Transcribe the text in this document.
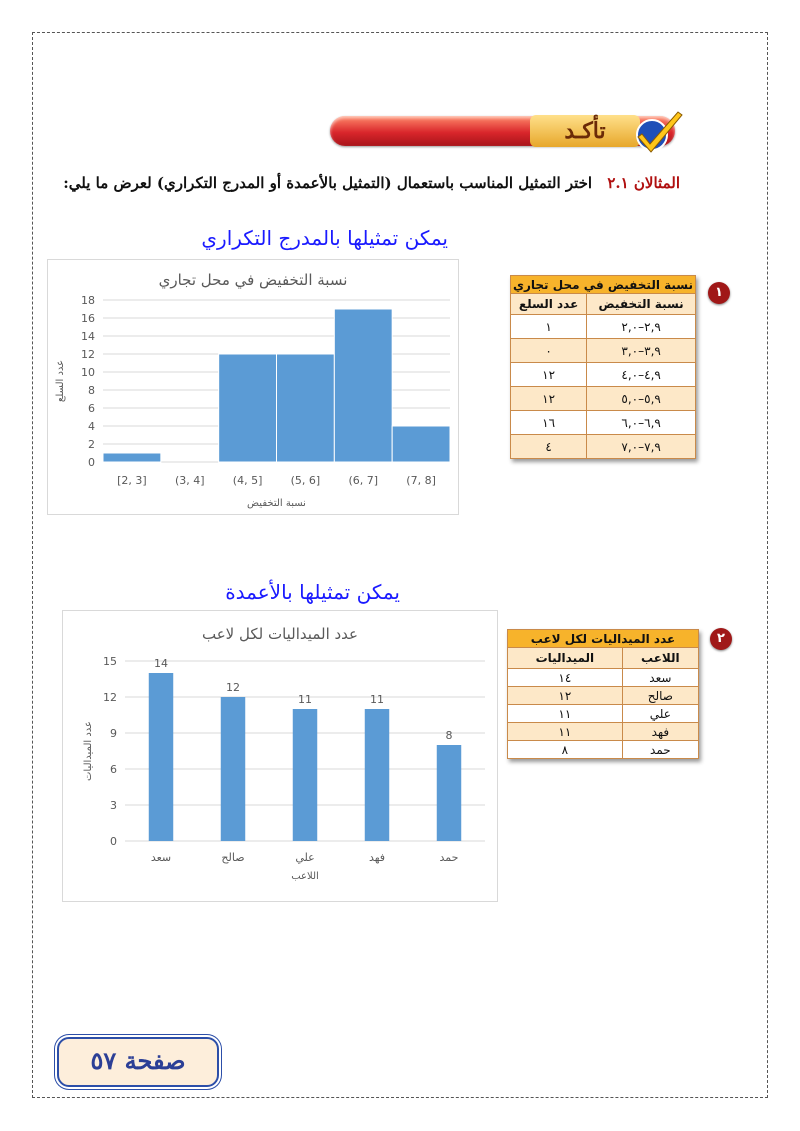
تأكـد
المثالان ٢.١ اختر التمثيل المناسب باستعمال (التمثيل بالأعمدة أو المدرج التكراري) لعرض ما يلي:
يمكن تمثيلها بالمدرج التكراري
يمكن تمثيلها بالأعمدة
١
٢
نسبة التخفيض في محل تجاري	
نسبة التخفيض	عدد السلع
٢,٩–٢,٠	١
٣,٩–٣,٠	٠
٤,٩–٤,٠	١٢
٥,٩–٥,٠	١٢
٦,٩–٦,٠	١٦
٧,٩–٧,٠	٤
عدد الميداليات لكل لاعب	
اللاعب	الميداليات
سعد	١٤
صالح	١٢
علي	١١
فهد	١١
حمد	٨
نسبة التخفيض في محل تجاري
0
2
4
6
8
10
12
14
16
18
[2, 3]	(3, 4]	(4, 5]	(5, 6]	(6, 7]	(7, 8]
نسبة التخفيض
عدد السلع
عدد الميداليات لكل لاعب
0
3
6
9
12
15
سعد
14
صالح
12
علي
11
فهد
11
حمد
8
اللاعب
عدد الميداليات
صفحة ٥٧
